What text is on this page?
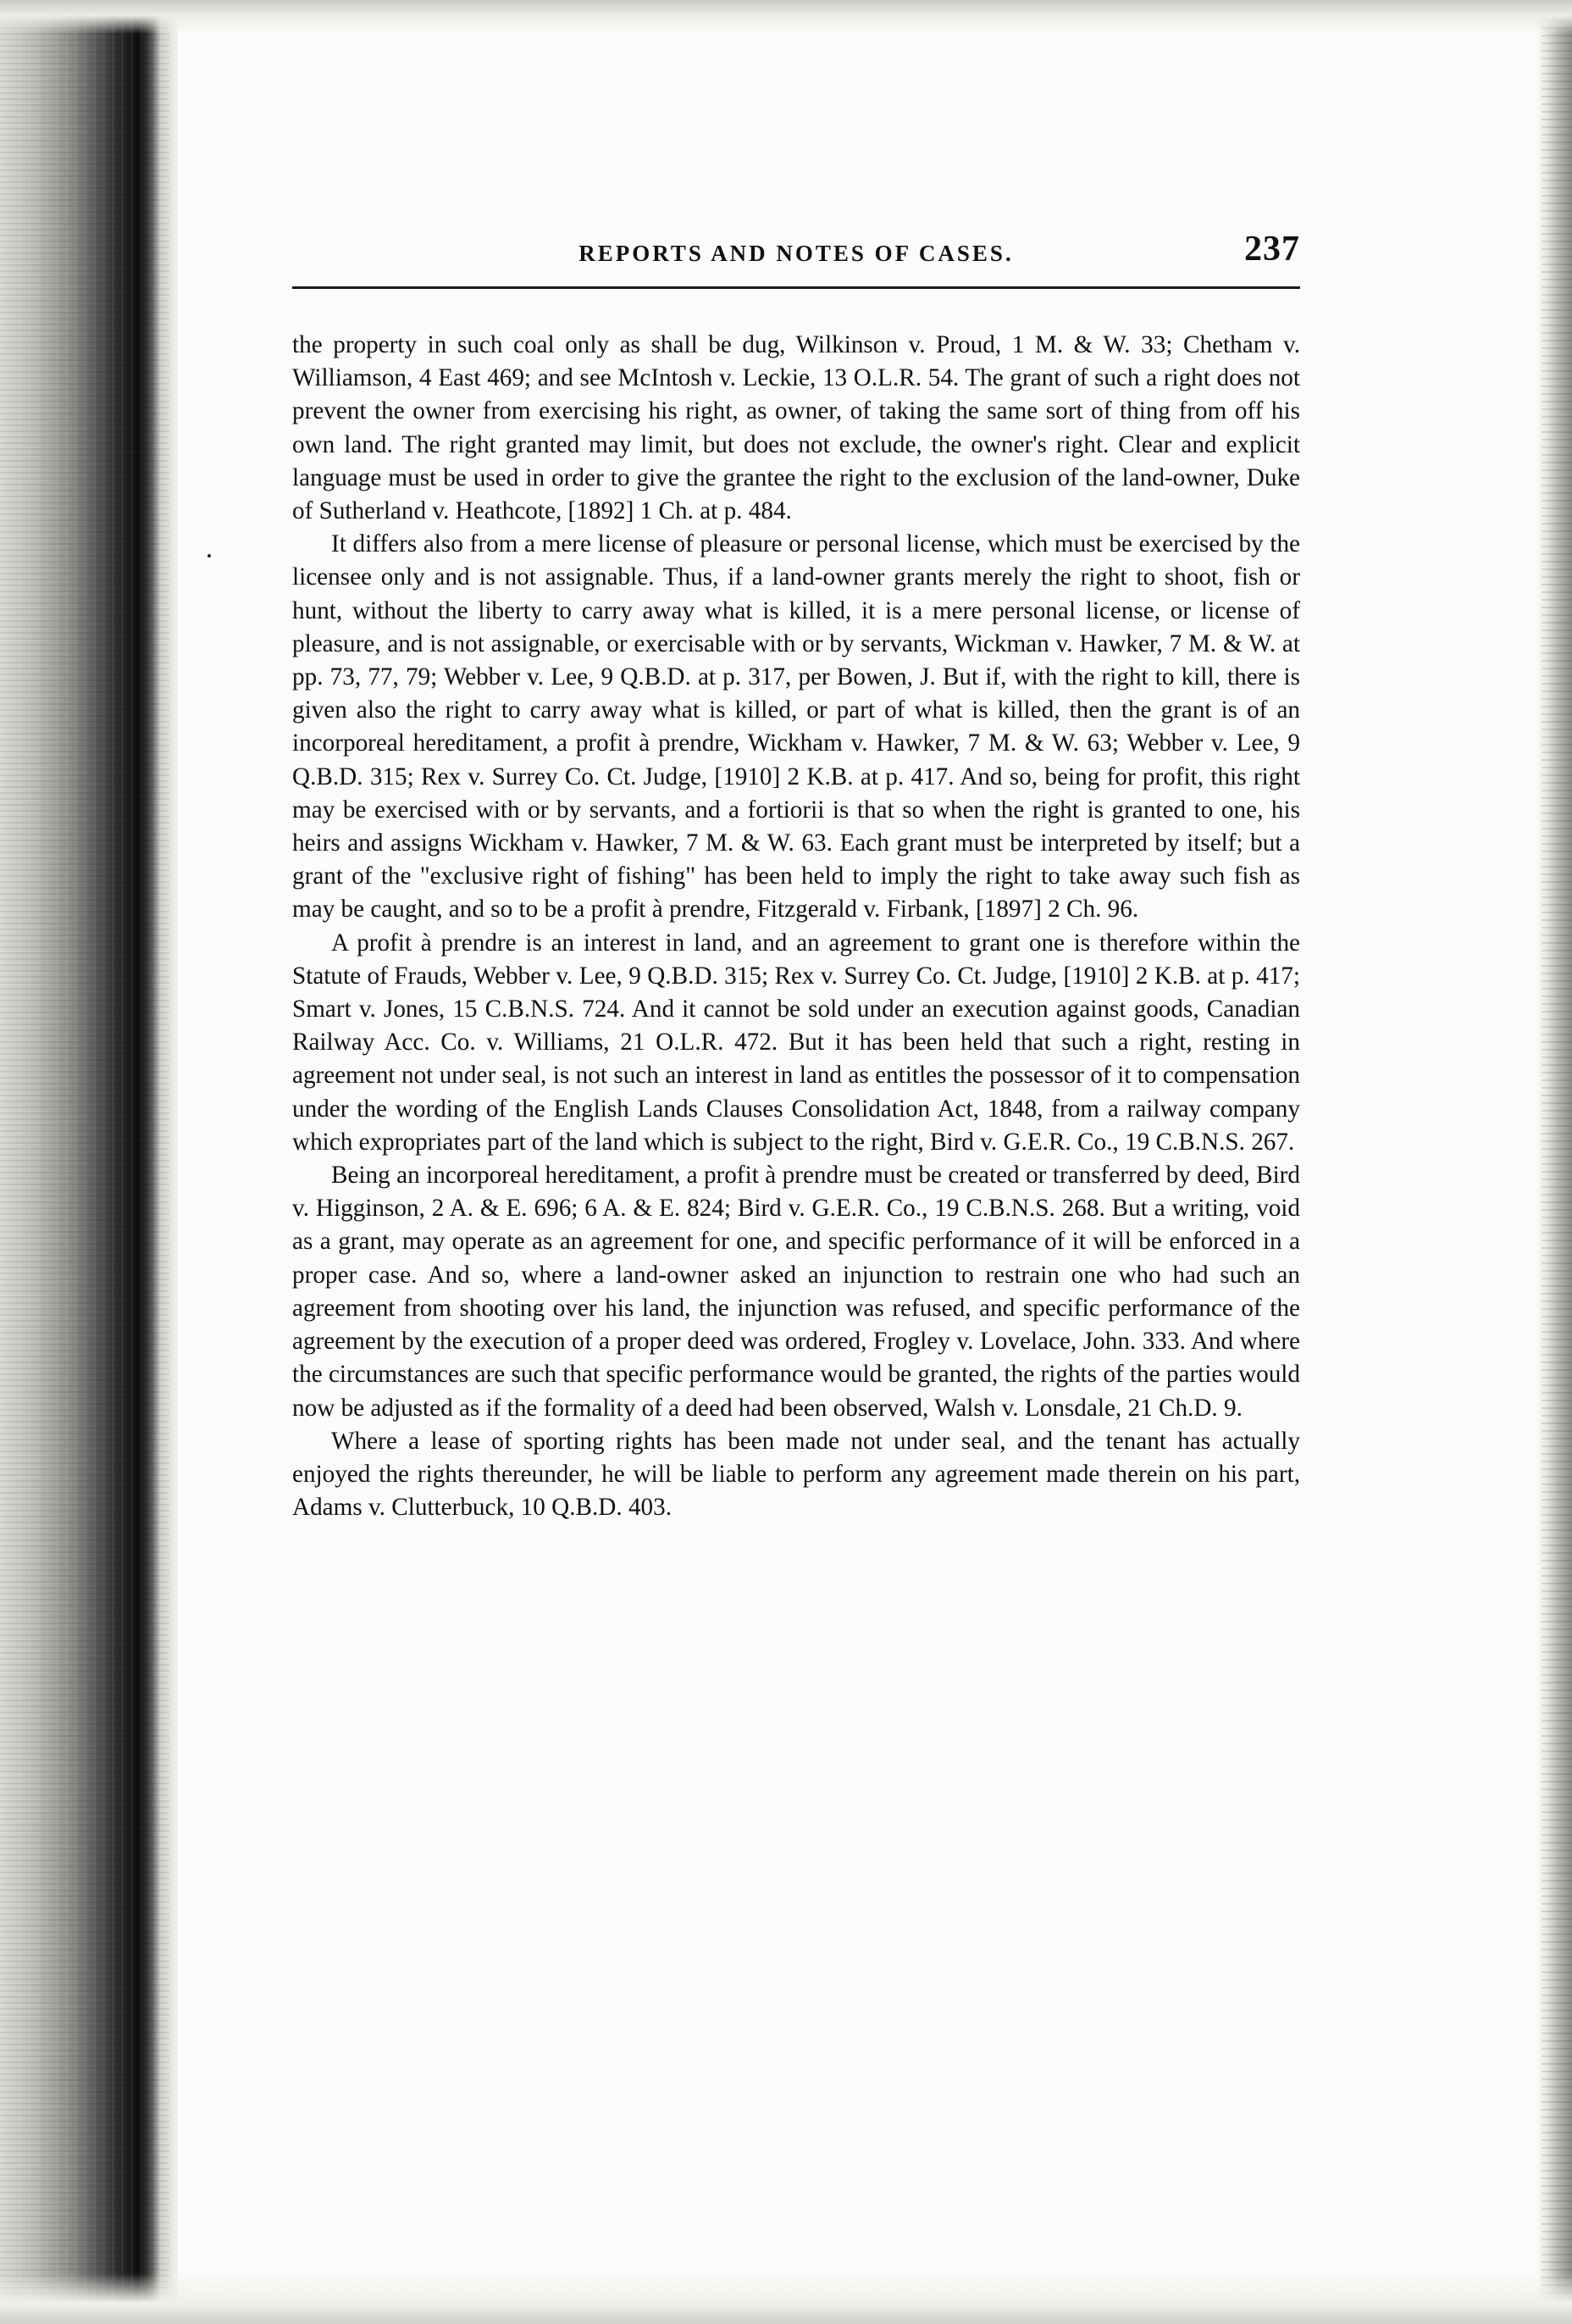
REPORTS AND NOTES OF CASES.	237

the property in such coal only as shall be dug, Wilkinson v. Proud, 1 M. & W. 33; Chetham v. Williamson, 4 East 469; and see McIntosh v. Leckie, 13 O.L.R. 54. The grant of such a right does not prevent the owner from exercising his right, as owner, of taking the same sort of thing from off his own land. The right granted may limit, but does not exclude, the owner's right. Clear and explicit language must be used in order to give the grantee the right to the exclusion of the land-owner, Duke of Sutherland v. Heathcote, [1892] 1 Ch. at p. 484.

It differs also from a mere license of pleasure or personal license, which must be exercised by the licensee only and is not assignable. Thus, if a land-owner grants merely the right to shoot, fish or hunt, without the liberty to carry away what is killed, it is a mere personal license, or license of pleasure, and is not assignable, or exercisable with or by servants, Wickman v. Hawker, 7 M. & W. at pp. 73, 77, 79; Webber v. Lee, 9 Q.B.D. at p. 317, per Bowen, J. But if, with the right to kill, there is given also the right to carry away what is killed, or part of what is killed, then the grant is of an incorporeal hereditament, a profit à prendre, Wickham v. Hawker, 7 M. & W. 63; Webber v. Lee, 9 Q.B.D. 315; Rex v. Surrey Co. Ct. Judge, [1910] 2 K.B. at p. 417. And so, being for profit, this right may be exercised with or by servants, and a fortiorii is that so when the right is granted to one, his heirs and assigns Wickham v. Hawker, 7 M. & W. 63. Each grant must be interpreted by itself; but a grant of the "exclusive right of fishing" has been held to imply the right to take away such fish as may be caught, and so to be a profit à prendre, Fitzgerald v. Firbank, [1897] 2 Ch. 96.

A profit à prendre is an interest in land, and an agreement to grant one is therefore within the Statute of Frauds, Webber v. Lee, 9 Q.B.D. 315; Rex v. Surrey Co. Ct. Judge, [1910] 2 K.B. at p. 417; Smart v. Jones, 15 C.B.N.S. 724. And it cannot be sold under an execution against goods, Canadian Railway Acc. Co. v. Williams, 21 O.L.R. 472. But it has been held that such a right, resting in agreement not under seal, is not such an interest in land as entitles the possessor of it to compensation under the wording of the English Lands Clauses Consolidation Act, 1848, from a railway company which expropriates part of the land which is subject to the right, Bird v. G.E.R. Co., 19 C.B.N.S. 267.

Being an incorporeal hereditament, a profit à prendre must be created or transferred by deed, Bird v. Higginson, 2 A. & E. 696; 6 A. & E. 824; Bird v. G.E.R. Co., 19 C.B.N.S. 268. But a writing, void as a grant, may operate as an agreement for one, and specific performance of it will be enforced in a proper case. And so, where a land-owner asked an injunction to restrain one who had such an agreement from shooting over his land, the injunction was refused, and specific performance of the agreement by the execution of a proper deed was ordered, Frogley v. Lovelace, John. 333. And where the circumstances are such that specific performance would be granted, the rights of the parties would now be adjusted as if the formality of a deed had been observed, Walsh v. Lonsdale, 21 Ch.D. 9.

Where a lease of sporting rights has been made not under seal, and the tenant has actually enjoyed the rights thereunder, he will be liable to perform any agreement made therein on his part, Adams v. Clutterbuck, 10 Q.B.D. 403.
